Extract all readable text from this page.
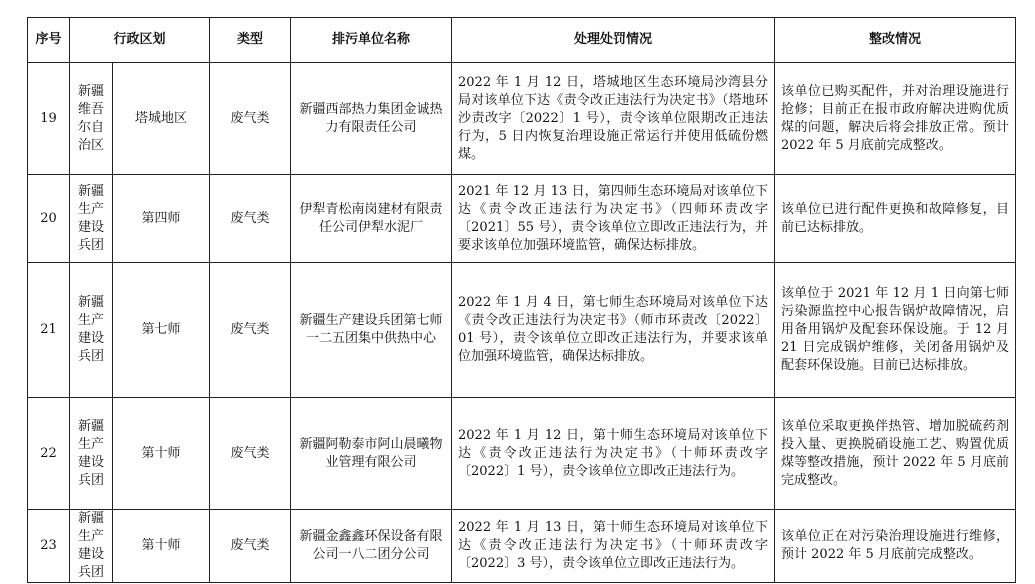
序号	行政区划		类型	排污单位名称	处理处罚情况	整改情况
19	新疆维吾尔自治区	塔城地区	废气类	新疆西部热力集团金诚热力有限责任公司	2022 年 1 月 12 日，塔城地区生态环境局沙湾县分局对该单位下达《责令改正违法行为决定书》（塔地环沙责改字〔2022〕1 号），责令该单位限期改正违法行为，5 日内恢复治理设施正常运行并使用低硫份燃煤。	该单位已购买配件，并对治理设施进行抢修；目前正在报市政府解决进购优质煤的问题，解决后将会排放正常。预计 2022 年 5 月底前完成整改。
20	新疆生产建设兵团	第四师	废气类	伊犁青松南岗建材有限责任公司伊犁水泥厂	2021 年 12 月 13 日，第四师生态环境局对该单位下达《责令改正违法行为决定书》（四师环责改字〔2021〕55 号），责令该单位立即改正违法行为，并要求该单位加强环境监管，确保达标排放。	该单位已进行配件更换和故障修复，目前已达标排放。
21	新疆生产建设兵团	第七师	废气类	新疆生产建设兵团第七师一二五团集中供热中心	2022 年 1 月 4 日，第七师生态环境局对该单位下达《责令改正违法行为决定书》（师市环责改〔2022〕01 号），责令该单位立即改正违法行为，并要求该单位加强环境监管，确保达标排放。	该单位于 2021 年 12 月 1 日向第七师污染源监控中心报告锅炉故障情况，启用备用锅炉及配套环保设施。于 12 月 21 日完成锅炉维修，关闭备用锅炉及配套环保设施。目前已达标排放。
22	新疆生产建设兵团	第十师	废气类	新疆阿勒泰市阿山晨曦物业管理有限公司	2022 年 1 月 12 日，第十师生态环境局对该单位下达《责令改正违法行为决定书》（十师环责改字〔2022〕1 号），责令该单位立即改正违法行为。	该单位采取更换伴热管、增加脱硫药剂投入量、更换脱硝设施工艺、购置优质煤等整改措施，预计 2022 年 5 月底前完成整改。
23	新疆生产建设兵团	第十师	废气类	新疆金鑫鑫环保设备有限公司一八二团分公司	2022 年 1 月 13 日，第十师生态环境局对该单位下达《责令改正违法行为决定书》（十师环责改字〔2022〕3 号），责令该单位立即改正违法行为。	该单位正在对污染治理设施进行维修，预计 2022 年 5 月底前完成整改。
